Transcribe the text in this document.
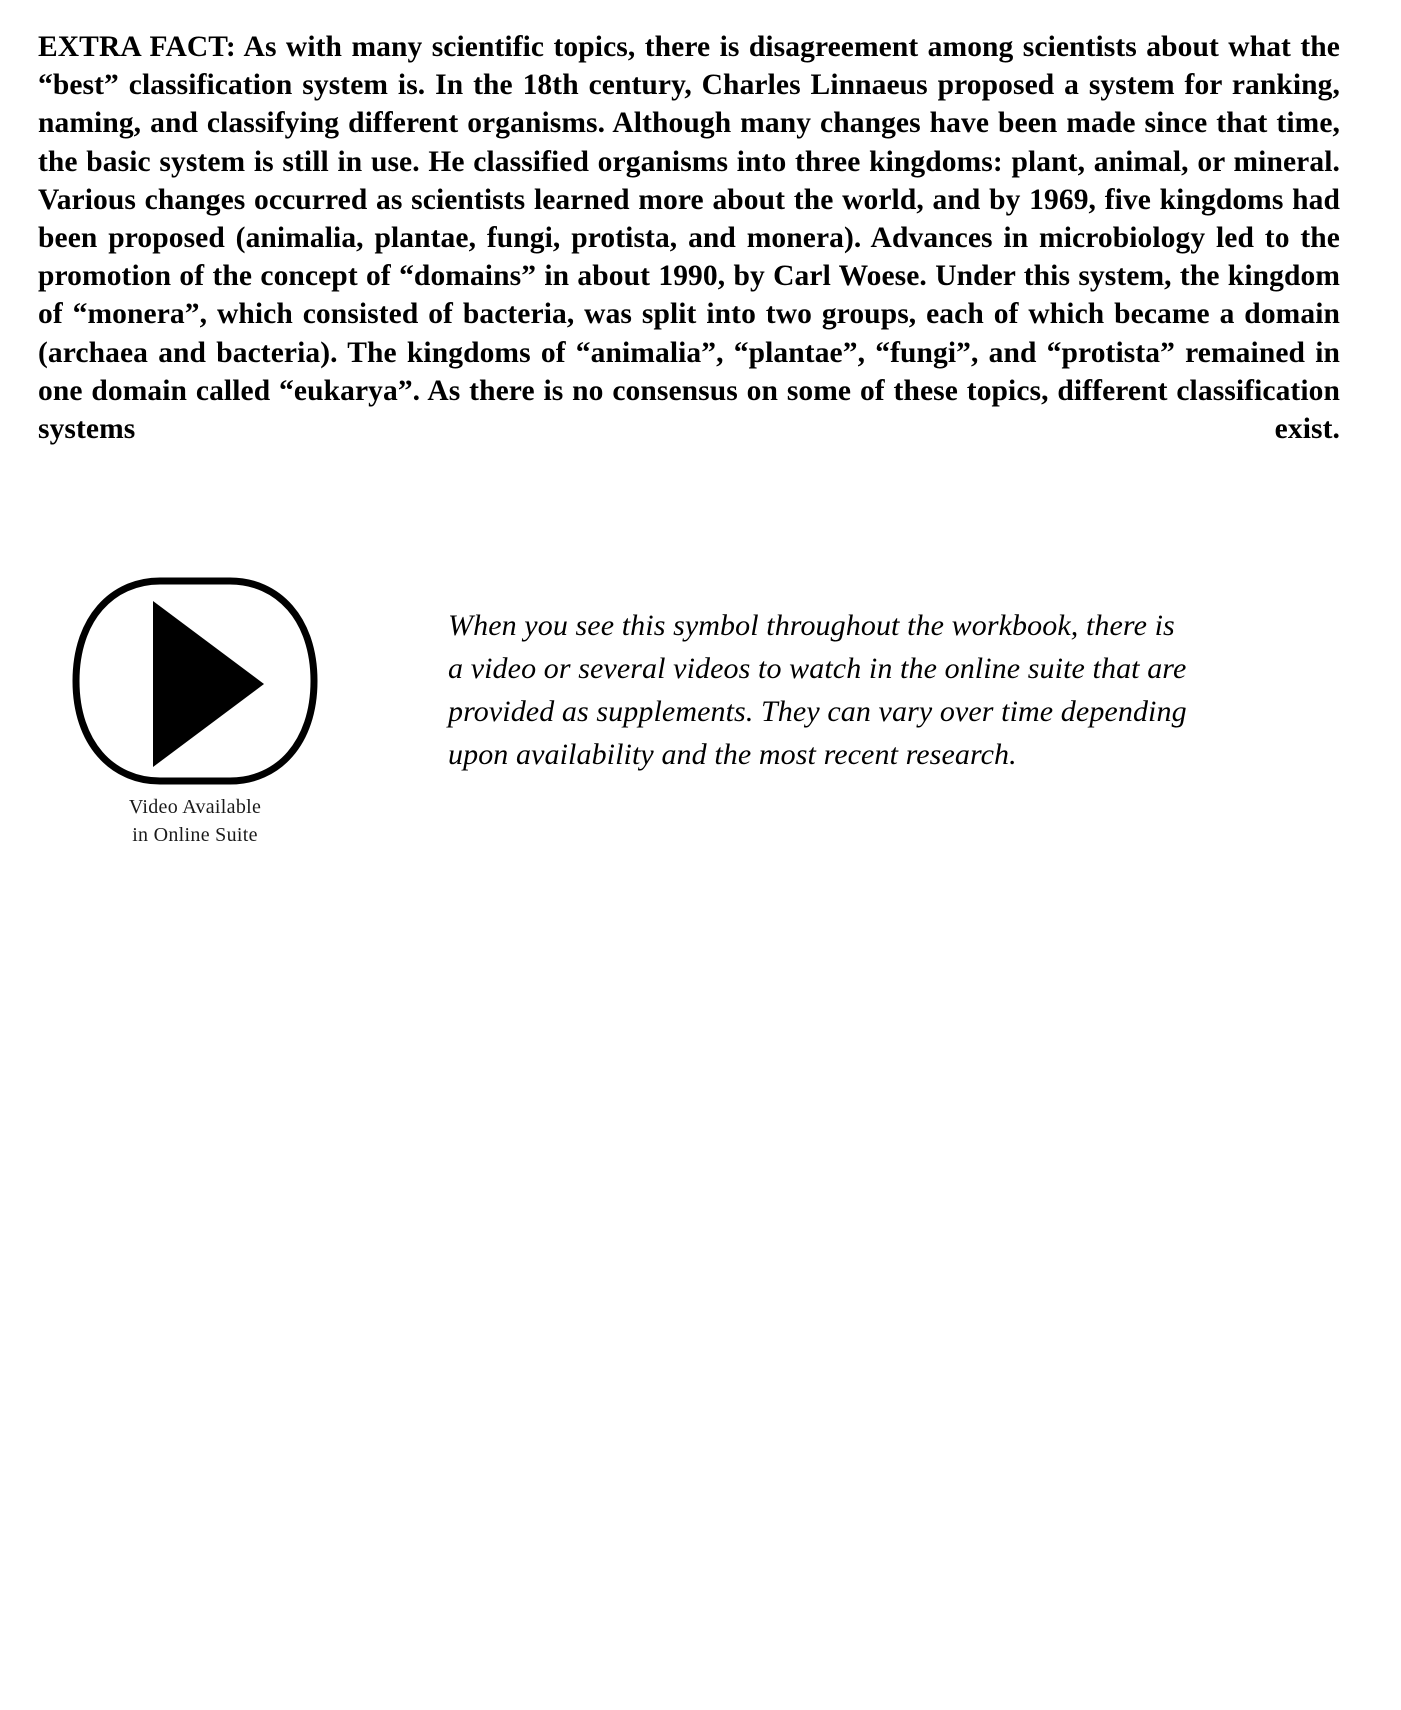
EXTRA FACT: As with many scientific topics, there is disagreement among scientists about what the “best” classification system is. In the 18th century, Charles Linnaeus proposed a system for ranking, naming, and classifying different organisms. Although many changes have been made since that time, the basic system is still in use. He classified organisms into three kingdoms: plant, animal, or mineral. Various changes occurred as scientists learned more about the world, and by 1969, five kingdoms had been proposed (animalia, plantae, fungi, protista, and monera). Advances in microbiology led to the promotion of the concept of “domains” in about 1990, by Carl Woese. Under this system, the kingdom of “monera”, which consisted of bacteria, was split into two groups, each of which became a domain (archaea and bacteria). The kingdoms of “animalia”, “plantae”, “fungi”, and “protista” remained in one domain called “eukarya”. As there is no consensus on some of these topics, different classification systems exist.

Video Available
in Online Suite

When you see this symbol throughout the workbook, there is
a video or several videos to watch in the online suite that are
provided as supplements. They can vary over time depending
upon availability and the most recent research.
